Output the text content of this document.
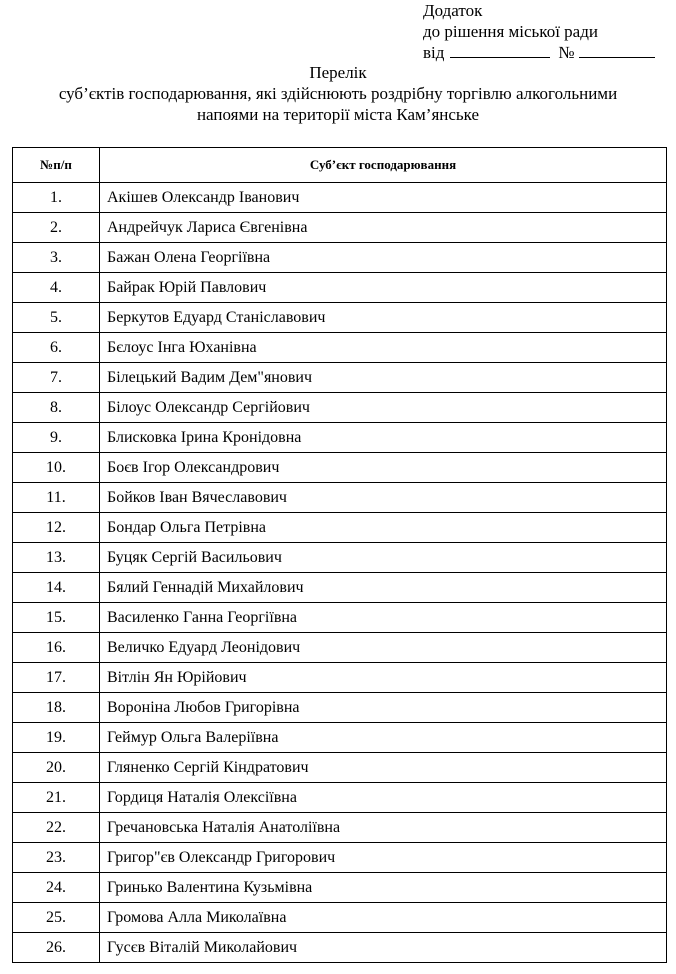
Додаток
до рішення міської ради
від	№
Перелік
суб’єктів господарювання, які здійснюють роздрібну торгівлю алкогольними
напоями на території міста Кам’янське
№п/п	Суб’єкт господарювання
1.	Акішев Олександр Іванович
2.	Андрейчук Лариса Євгенівна
3.	Бажан Олена Георгіївна
4.	Байрак Юрій Павлович
5.	Беркутов Едуард Станіславович
6.	Бєлоус Інга Юханівна
7.	Білецький Вадим Дем"янович
8.	Білоус Олександр Сергійович
9.	Блисковка Ірина Кронідовна
10.	Боєв Ігор Олександрович
11.	Бойков Іван Вячеславович
12.	Бондар Ольга Петрівна
13.	Буцяк Сергій Васильович
14.	Бялий Геннадій Михайлович
15.	Василенко Ганна Георгіївна
16.	Величко Едуард Леонідович
17.	Вітлін Ян Юрійович
18.	Вороніна Любов Григорівна
19.	Геймур Ольга Валеріївна
20.	Гляненко Сергій Кіндратович
21.	Гордиця Наталія Олексіївна
22.	Гречановська Наталія Анатоліївна
23.	Григор"єв Олександр Григорович
24.	Гринько Валентина Кузьмівна
25.	Громова Алла Миколаївна
26.	Гусєв Віталій Миколайович
